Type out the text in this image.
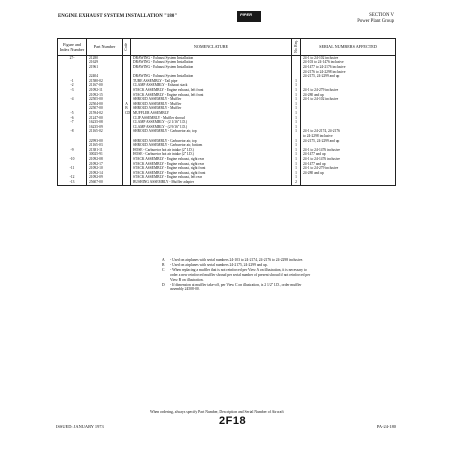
ENGINE EXHAUST SYSTEM INSTALLATION "180"	PIPER	SECTION V
Power Plant Group
Figure and Index Number	Part Number	Code	NOMENCLATURE	No. Req.	SERIAL NUMBERS AFFECTED
27-	21280		DRAWING - Exhaust System Installation		24-1 to 24-102 inclusive
	21629		DRAWING - Exhaust System Installation		24-103 to 24-1476 inclusive
	21961		DRAWING - Exhaust System Installation		24-1477 to 24-2176 inclusive
					24-2176 to 24-2298 inclusive
	22404		DRAWING - Exhaust System Installation		24-2175, 24-2299 and up

-1	21580-02		TUBE ASSEMBLY - Tail pipe	1	
-2	21167-00		CLAMP ASSEMBLY - Exhaust stack	1	
-3	21092-11		STACK ASSEMBLY - Engine exhaust, left front	1	24-1 to 24-279 inclusive
	21092-15		STACK ASSEMBLY - Engine exhaust, left front	1	24-280 and up
-4	22505-00		SHROUD ASSEMBLY - Muffler	1	24-1 to 24-102 inclusive
	22504-00	A	SHROUD ASSEMBLY - Muffler	1	
	22507-00	B	SHROUD ASSEMBLY - Muffler	1	
-5	21594-02	CD	MUFFLER ASSEMBLY	1	
-6	21247-00		CLIP ASSEMBLY - Muffler shroud	1	
-7	16235-08		CLAMP ASSEMBLY - (2 1/16" I.D.)	1	
	16235-09		CLAMP ASSEMBLY - (2 9/16" I.D.)	1	
-8	21165-02		SHROUD ASSEMBLY - Carburetor air, top	1	24-1 to 24-2174, 24-2176
					to 24-2298 inclusive
	22993-00		SHROUD ASSEMBLY - Carburetor air, top	1	24-2175, 24-2299 and up
	21165-03		SHROUD ASSEMBLY - Carburetor air, bottom	1	
-9	21381-11		HOSE - Carburetor hot air intake (2" I.D.)	1	24-1 to 24-1476 inclusive
	30025-91		HOSE - Carburetor hot air intake (2" I.D.)	1	24-1477 and up
-10	21092-08		STACK ASSEMBLY - Engine exhaust, right rear	1	24-1 to 24-1476 inclusive
	21092-17		STACK ASSEMBLY - Engine exhaust, right rear	1	24-1477 and up
-11	21092-10		STACK ASSEMBLY - Engine exhaust, right front	1	24-1 to 24-279 inclusive
	21092-14		STACK ASSEMBLY - Engine exhaust, right front	1	24-280 and up
-12	21092-09		STACK ASSEMBLY - Engine exhaust, left rear	1	
-13	25607-00		BUSHING ASSEMBLY - Muffler adapter	2	
A	- Used on airplanes with serial numbers 24-103 to 24-2174, 24-2176 to 24-2298 inclusive.
B	- Used on airplanes with serial numbers 24-2175, 24-2299 and up.
C	- When replacing a muffler that is not reinforced per View A on illustration, it is necessary to order a new reinforced muffler shroud per serial number of present shroud if not reinforced per View B on illustration.
D	- If dimension at muffler take-off, per View C on illustration, is 2 1/2" I.D., order muffler assembly 24508-00.
When ordering, always specify Part Number, Description and Serial Number of Aircraft
ISSUED: JANUARY 1973	2F18	PA-24-180
